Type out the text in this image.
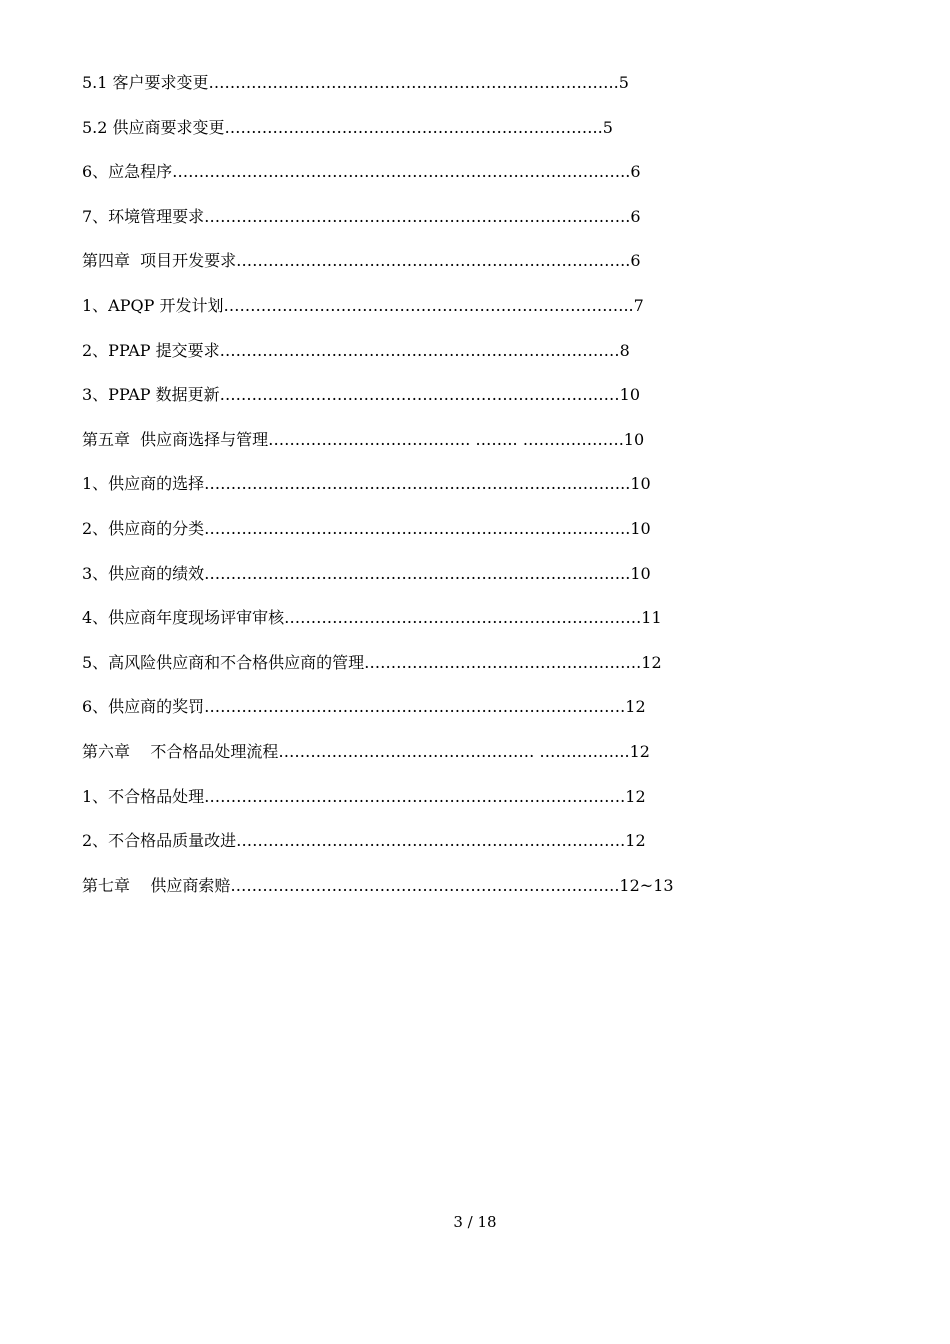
5.1 客户要求变更…………………………………………………………………..5
5.2 供应商要求变更……………………………………………………………..5
6、应急程序…………………………………………………………………………..6
7、环境管理要求……………………………………………………………………..6
第四章  项目开发要求………………………………………………………………..6
1、APQP 开发计划…………………………………………………………………..7
2、PPAP 提交要求…………………………………………………………………8
3、PPAP 数据更新…………………………………………………………………10
第五章  供应商选择与管理……………………………….. …….. ……………….10
1、供应商的选择……………………………………………………………………..10
2、供应商的分类……………………………………………………………………..10
3、供应商的绩效……………………………………………………………………..10
4、供应商年度现场评审审核………………………………………………………….11
5、高风险供应商和不合格供应商的管理…………………………………………….12
6、供应商的奖罚…………………………………………………………………….12
第六章    不合格品处理流程………………………………………… ……………..12
1、不合格品处理…………………………………………………………………….12
2、不合格品质量改进……………………………………………………………….12
第七章    供应商索赔……………………………………………………………….12~13
3 / 18
